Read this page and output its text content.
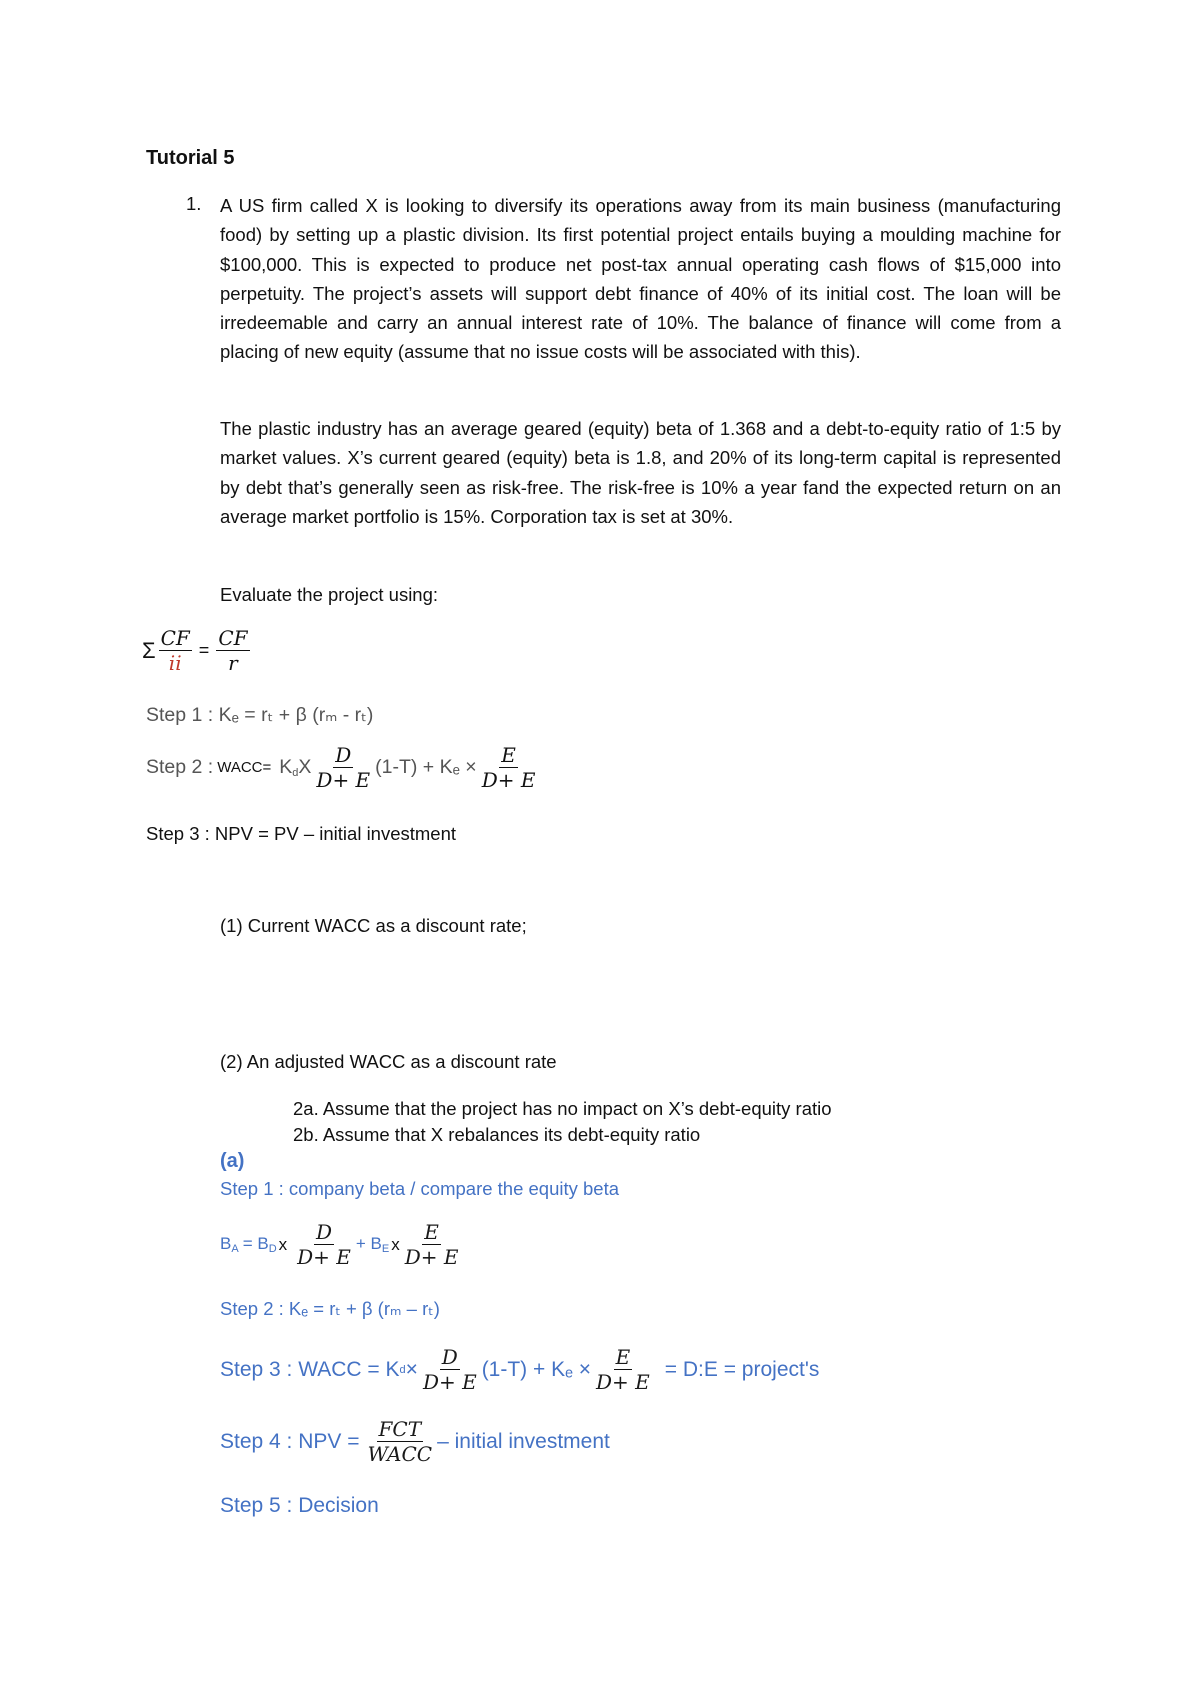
Tutorial 5
1. A US firm called X is looking to diversify its operations away from its main business (manufacturing food) by setting up a plastic division. Its first potential project entails buying a moulding machine for $100,000. This is expected to produce net post-tax annual operating cash flows of $15,000 into perpetuity. The project’s assets will support debt finance of 40% of its initial cost. The loan will be irredeemable and carry an annual interest rate of 10%. The balance of finance will come from a placing of new equity (assume that no issue costs will be associated with this).

The plastic industry has an average geared (equity) beta of 1.368 and a debt-to-equity ratio of 1:5 by market values. X’s current geared (equity) beta is 1.8, and 20% of its long-term capital is represented by debt that’s generally seen as risk-free. The risk-free is 10% a year fand the expected return on an average market portfolio is 15%. Corporation tax is set at 30%.

Evaluate the project using:

Σ $\frac{CF}{\text{𝑖𝑖}} = \frac{CF}{r}$
Step 1 : Kₑ = rₜ + β (rₘ - rₜ)
Step 2 : WACC= $K_d$ X $\frac{D}{D+ E} (1-T) + K_e \times \frac{E}{D+ E}$
Step 3 : NPV = PV – initial investment
(1) Current WACC as a discount rate;
(2) An adjusted WACC as a discount rate
2a. Assume that the project has no impact on X’s debt-equity ratio
2b. Assume that X rebalances its debt-equity ratio
(a)
Step 1 : company beta / compare the equity beta
$B_A = B_D$ x $\frac{D}{D+ E} + B_E$ x $\frac{E}{D+ E}$
Step 2 : Kₑ = rₜ + β (rₘ – rₜ)
Step 3 : WACC = K $d \times \frac{D}{D+ E} (1-T) + K_e \times \frac{E}{D+ E}$ = D:E = project's
Step 4 : NPV = $\frac{\text{FCT}}{\text{WACC}}$ – initial investment
Step 5 : Decision
